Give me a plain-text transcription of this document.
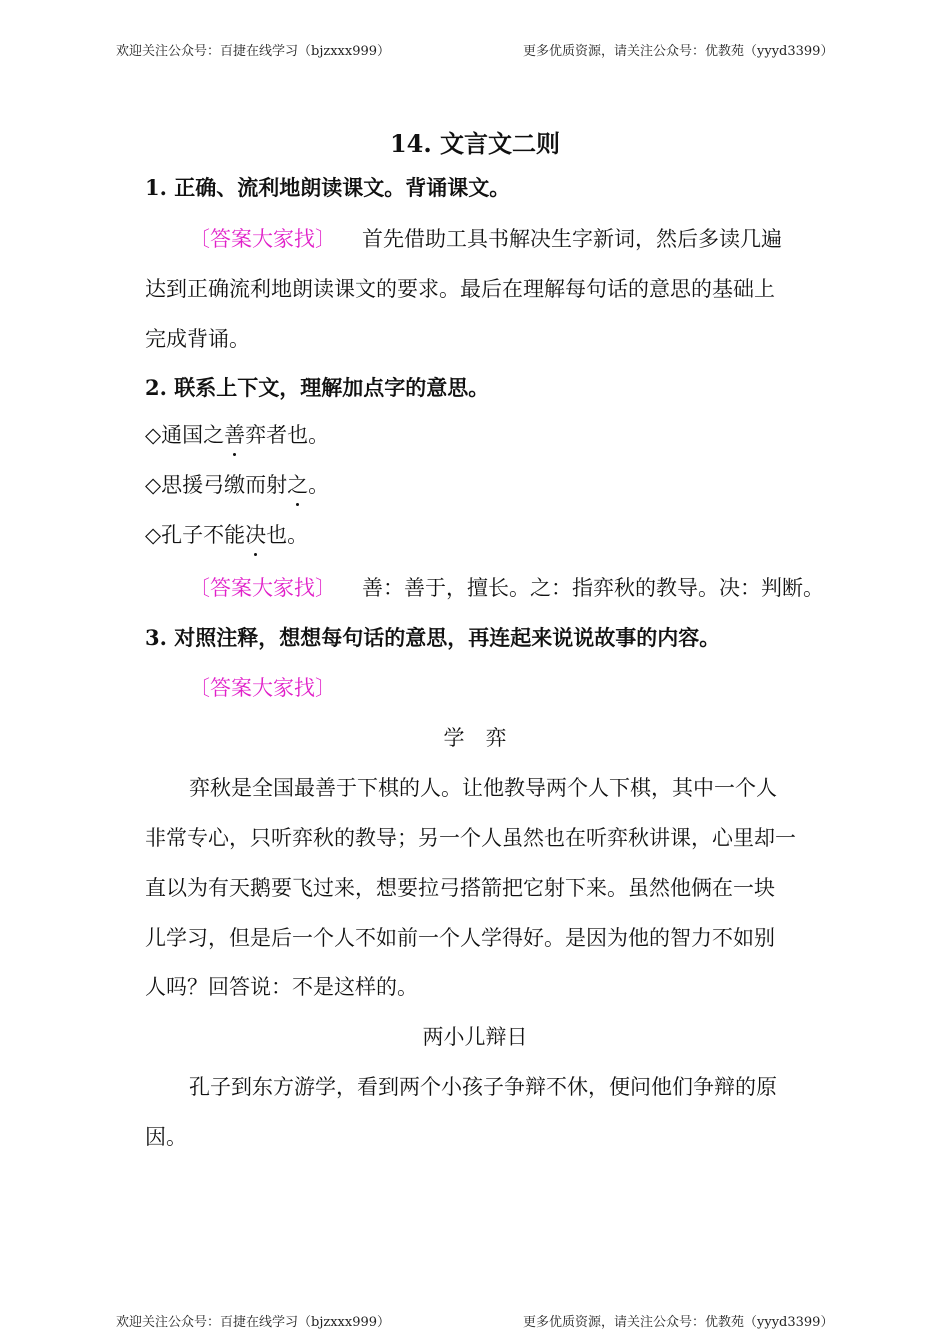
欢迎关注公众号：百捷在线学习（bjzxxx999）	更多优质资源，请关注公众号：优教苑（yyyd3399）
14. 文言文二则
1. 正确、流利地朗读课文。背诵课文。
〔答案大家找〕 首先借助工具书解决生字新词，然后多读几遍
达到正确流利地朗读课文的要求。最后在理解每句话的意思的基础上
完成背诵。
2. 联系上下文，理解加点字的意思。
◇通国之善弈者也。
◇思援弓缴而射之。
◇孔子不能决也。
〔答案大家找〕 善：善于，擅长。之：指弈秋的教导。决：判断。
3. 对照注释，想想每句话的意思，再连起来说说故事的内容。
〔答案大家找〕
学　弈
弈秋是全国最善于下棋的人。让他教导两个人下棋，其中一个人
非常专心，只听弈秋的教导；另一个人虽然也在听弈秋讲课，心里却一
直以为有天鹅要飞过来，想要拉弓搭箭把它射下来。虽然他俩在一块
儿学习，但是后一个人不如前一个人学得好。是因为他的智力不如别
人吗？回答说：不是这样的。
两小儿辩日
孔子到东方游学，看到两个小孩子争辩不休，便问他们争辩的原
因。
欢迎关注公众号：百捷在线学习（bjzxxx999）	更多优质资源，请关注公众号：优教苑（yyyd3399）
